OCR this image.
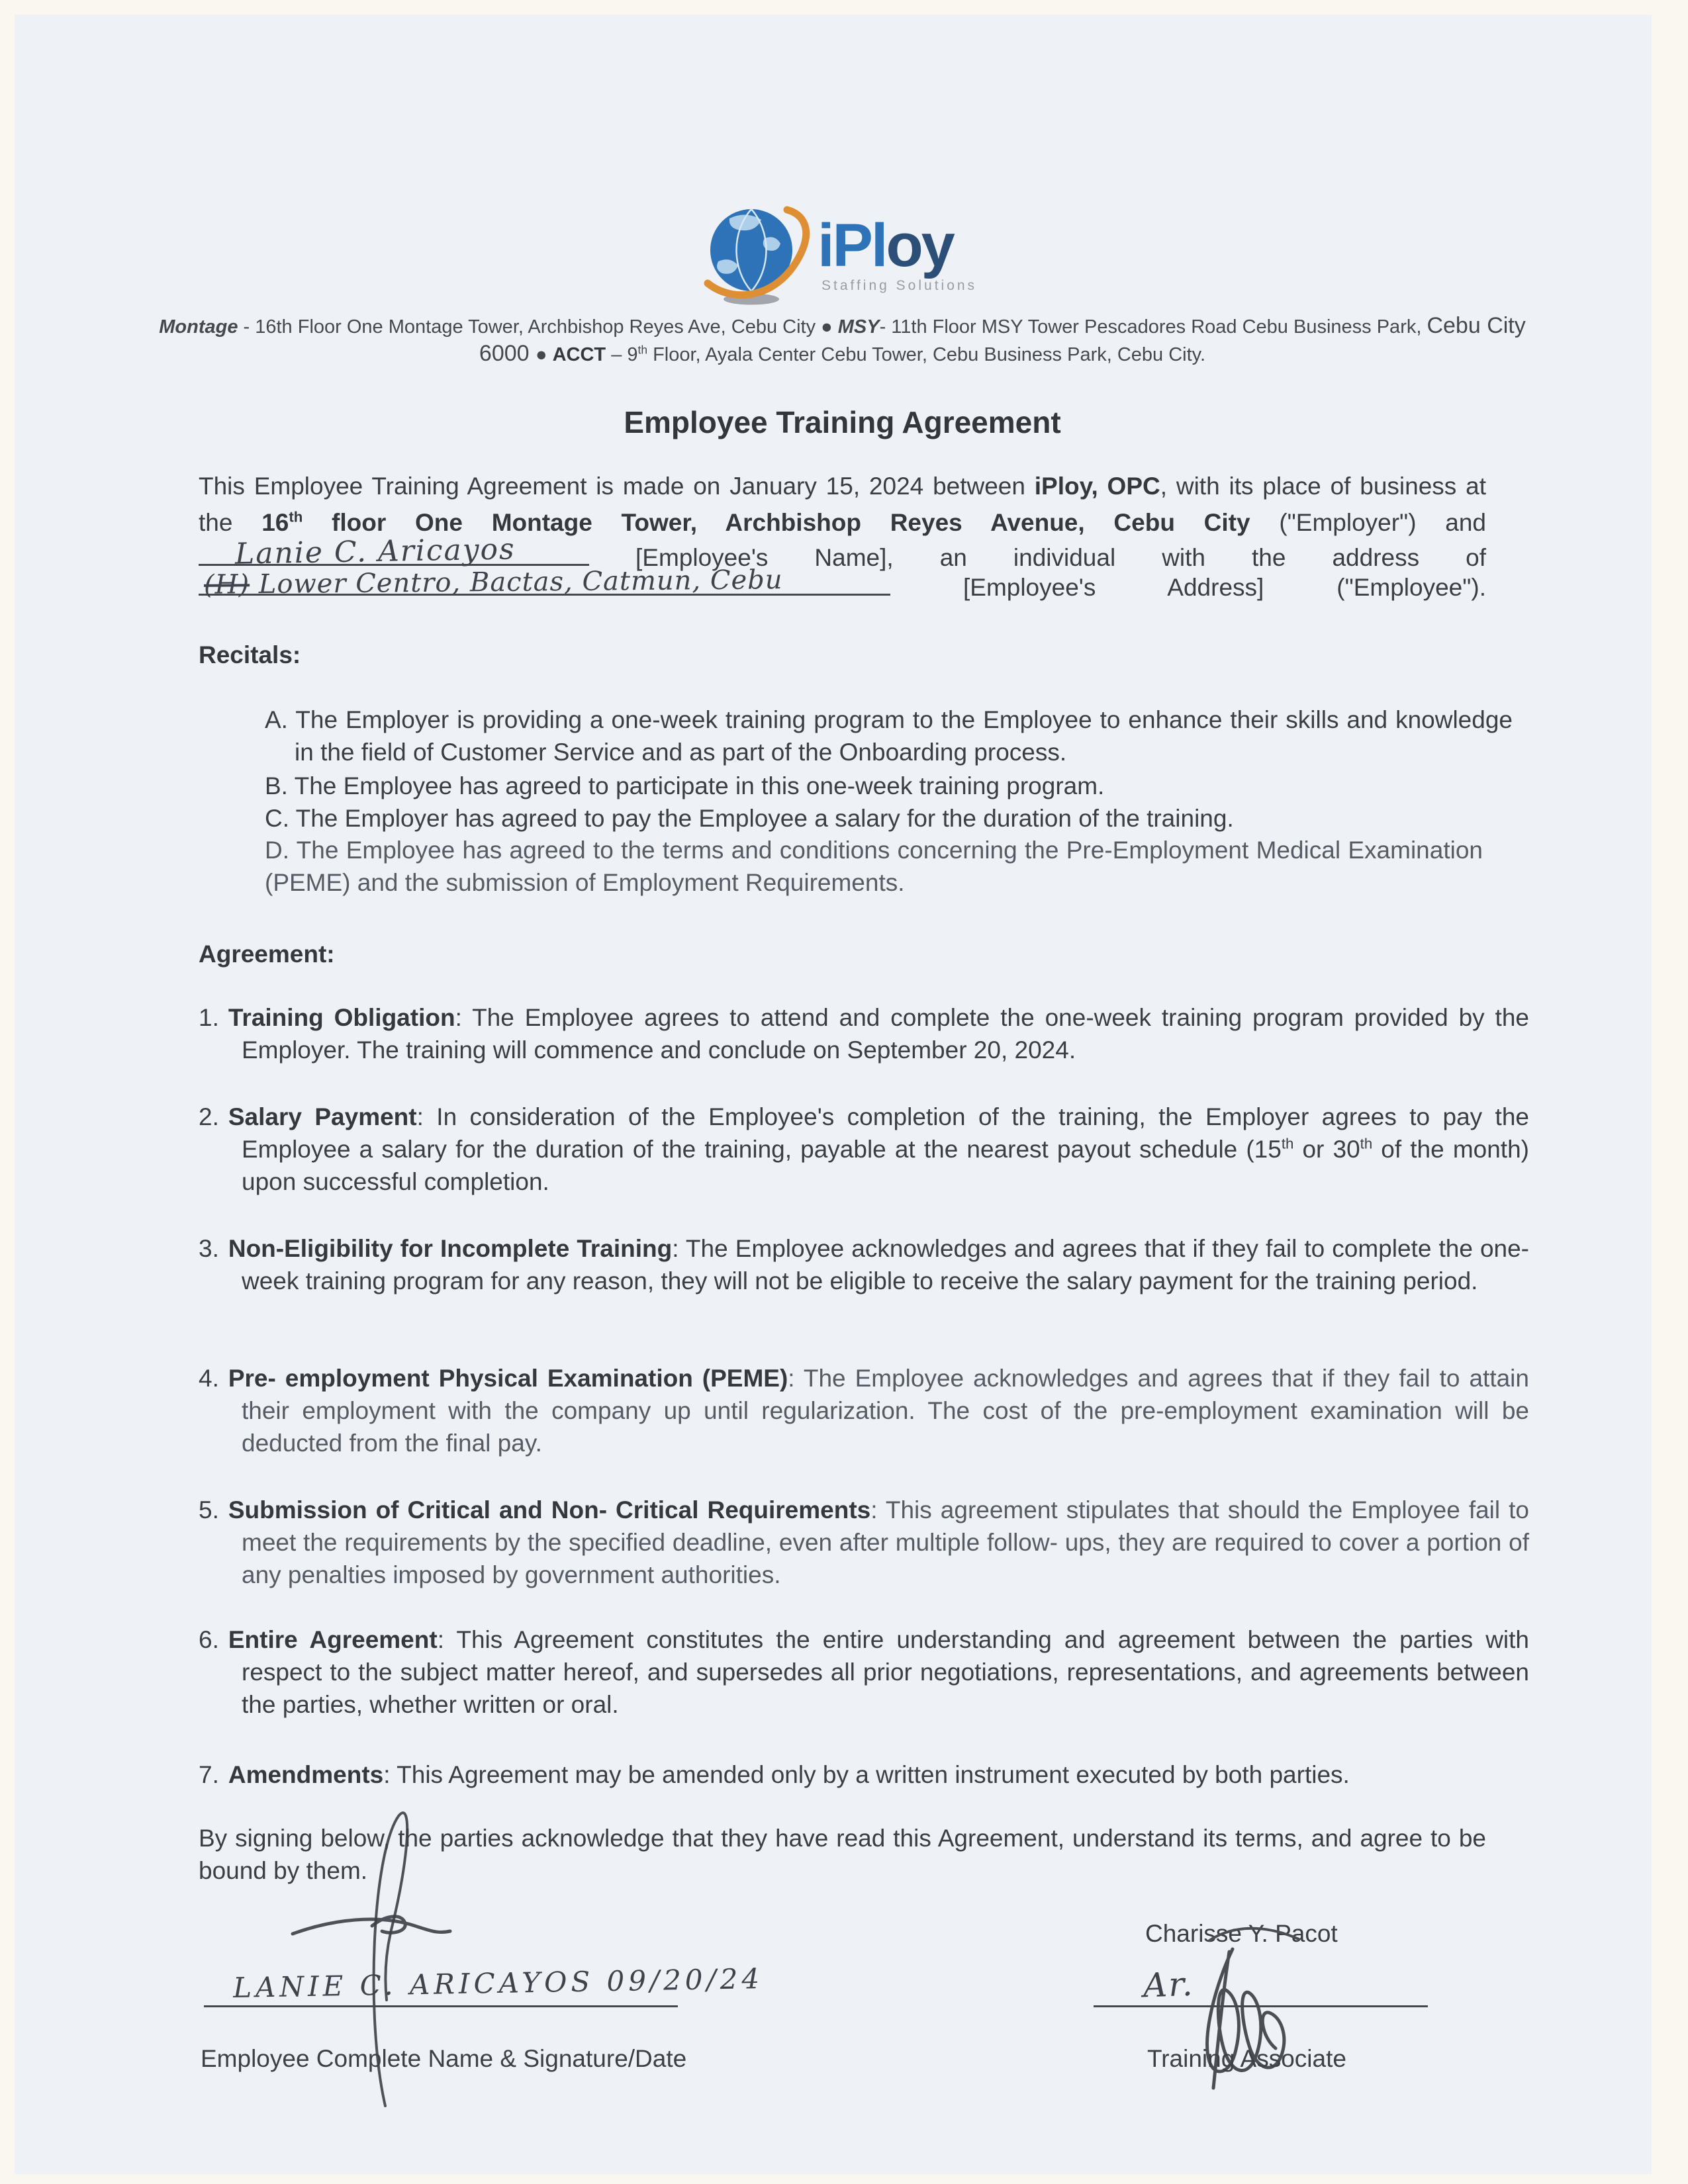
iPloy
Staffing Solutions
Montage - 16th Floor One Montage Tower, Archbishop Reyes Ave, Cebu City ● MSY- 11th Floor MSY Tower Pescadores Road Cebu Business Park, Cebu City
6000 ● ACCT – 9th Floor, Ayala Center Cebu Tower, Cebu Business Park, Cebu City.
Employee Training Agreement
This Employee Training Agreement is made on January 15, 2024 between iPloy, OPC, with its place of business at
the 16th floor One Montage Tower, Archbishop Reyes Avenue, Cebu City ("Employer") and
Lanie C. Aricayos	[Employee's Name], an individual with the address of
(H) Lower Centro, Bactas, Catmun, Cebu	[Employee's Address] ("Employee").
Recitals:
A. The Employer is providing a one-week training program to the Employee to enhance their skills and knowledge in the field of Customer Service and as part of the Onboarding process.
B. The Employee has agreed to participate in this one-week training program.
C. The Employer has agreed to pay the Employee a salary for the duration of the training.
D. The Employee has agreed to the terms and conditions concerning the Pre-Employment Medical Examination (PEME) and the submission of Employment Requirements.
Agreement:
1. Training Obligation: The Employee agrees to attend and complete the one-week training program provided by the Employer. The training will commence and conclude on September 20, 2024.
2. Salary Payment: In consideration of the Employee's completion of the training, the Employer agrees to pay the Employee a salary for the duration of the training, payable at the nearest payout schedule (15th or 30th of the month) upon successful completion.
3. Non-Eligibility for Incomplete Training: The Employee acknowledges and agrees that if they fail to complete the one-week training program for any reason, they will not be eligible to receive the salary payment for the training period.
4. Pre- employment Physical Examination (PEME): The Employee acknowledges and agrees that if they fail to attain their employment with the company up until regularization. The cost of the pre-employment examination will be deducted from the final pay.
5. Submission of Critical and Non- Critical Requirements: This agreement stipulates that should the Employee fail to meet the requirements by the specified deadline, even after multiple follow- ups, they are required to cover a portion of any penalties imposed by government authorities.
6. Entire Agreement: This Agreement constitutes the entire understanding and agreement between the parties with respect to the subject matter hereof, and supersedes all prior negotiations, representations, and agreements between the parties, whether written or oral.
7. Amendments: This Agreement may be amended only by a written instrument executed by both parties.
By signing below, the parties acknowledge that they have read this Agreement, understand its terms, and agree to be bound by them.
Charisse Y. Pacot
LANIE C. ARICAYOS 09/20/24	Ar.
Employee Complete Name & Signature/Date	Training Associate
